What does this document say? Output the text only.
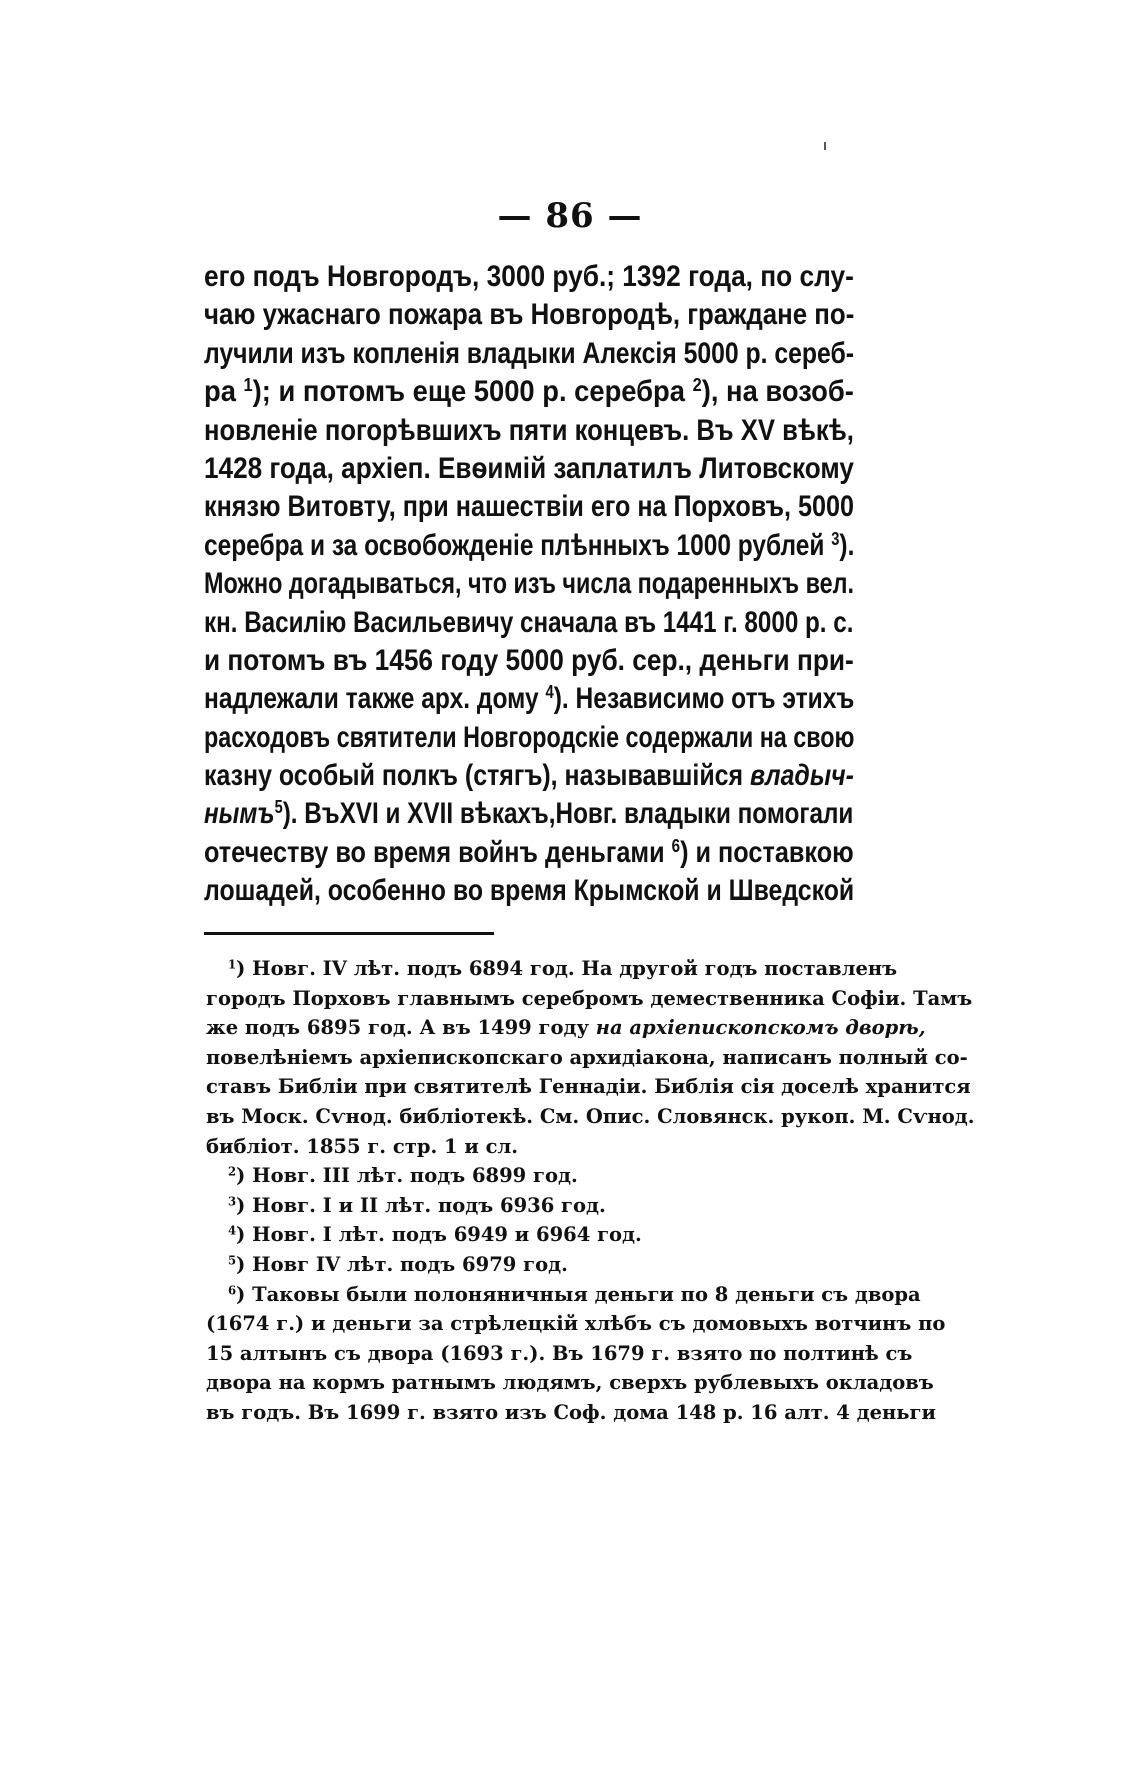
— 86 —
его подъ Новгородъ, 3000 руб.; 1392 года, по слу-
чаю ужаснаго пожара въ Новгородѣ, граждане по-
лучили изъ копленія владыки Алексія 5000 р. сереб-
ра $^1$); и потомъ еще 5000 р. серебра $^2$), на возоб-
новленіе погорѣвшихъ пяти концевъ. Въ XV вѣкѣ,
1428 года, архіеп. Евѳимій заплатилъ Литовскому
князю Витовту, при нашествіи его на Порховъ, 5000
серебра и за освобожденіе плѣнныхъ 1000 рублей $^3$).
Можно догадываться, что изъ числа подаренныхъ вел.
кн. Василію Васильевичу сначала въ 1441 г. 8000 р. с.
и потомъ въ 1456 году 5000 руб. сер., деньги при-
надлежали также арх. дому $^4$). Независимо отъ этихъ
расходовъ святители Новгородскіе содержали на свою
казну особый полкъ (стягъ), называвшійся владыч-
нымъ$^5$). ВъXVI и XVII вѣкахъ,Новг. владыки помогали
отечеству во время войнъ деньгами $^6$) и поставкою
лошадей, особенно во время Крымской и Шведской
$^1$) Новг. IV лѣт. подъ 6894 год. На другой годъ поставленъ
городъ Порховъ главнымъ серебромъ демественника Софіи. Тамъ
же подъ 6895 год. А въ 1499 году на архіепископскомъ дворѣ,
повелѣніемъ архіепископскаго архидіакона, написанъ полный со-
ставъ Библіи при святителѣ Геннадіи. Библія сія доселѣ хранится
въ Моск. Сѵнод. библіотекѣ. См. Опис. Словянск. рукоп. М. Сѵнод.
библіот. 1855 г. стр. 1 и сл.
$^2$) Новг. III лѣт. подъ 6899 год.
$^3$) Новг. I и II лѣт. подъ 6936 год.
$^4$) Новг. I лѣт. подъ 6949 и 6964 год.
$^5$) Новг IV лѣт. подъ 6979 год.
$^6$) Таковы были полоняничныя деньги по 8 деньги съ двора
(1674 г.) и деньги за стрѣлецкій хлѣбъ съ домовыхъ вотчинъ по
15 алтынъ съ двора (1693 г.). Въ 1679 г. взято по полтинѣ съ
двора на кормъ ратнымъ людямъ, сверхъ рублевыхъ окладовъ
въ годъ. Въ 1699 г. взято изъ Соф. дома 148 р. 16 алт. 4 деньги
